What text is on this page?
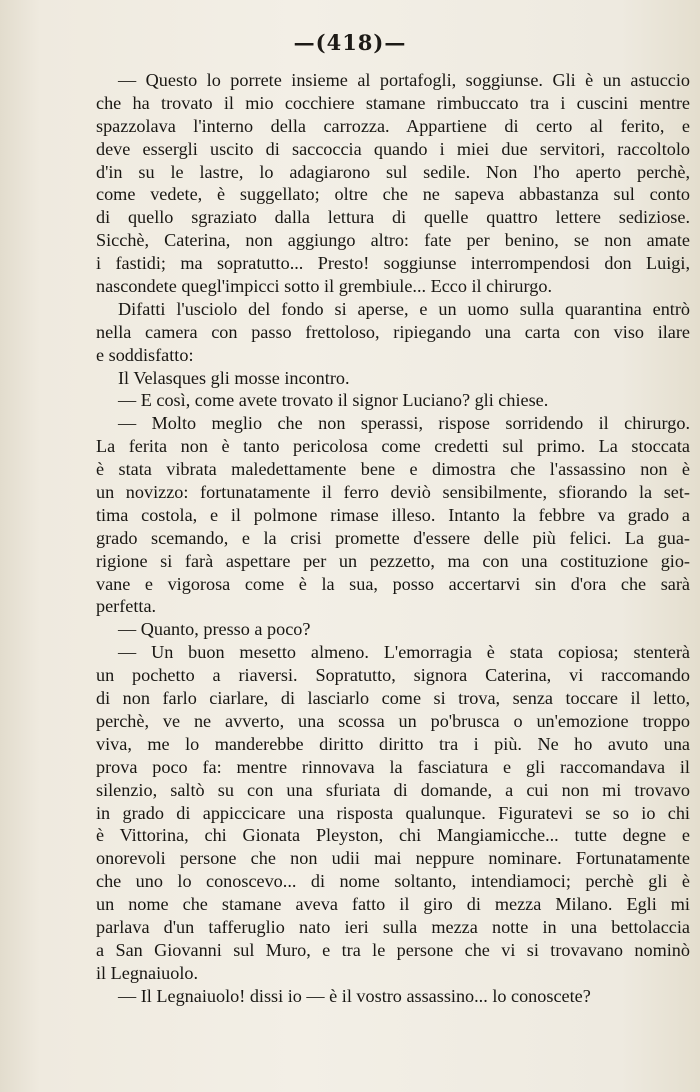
—(418)—
— Questo lo porrete insieme al portafogli, soggiunse. Gli è un astuccio
che ha trovato il mio cocchiere stamane rimbuccato tra i cuscini mentre
spazzolava l'interno della carrozza. Appartiene di certo al ferito, e
deve essergli uscito di saccoccia quando i miei due servitori, raccoltolo
d'in su le lastre, lo adagiarono sul sedile. Non l'ho aperto perchè,
come vedete, è suggellato; oltre che ne sapeva abbastanza sul conto
di quello sgraziato dalla lettura di quelle quattro lettere sediziose.
Sicchè, Caterina, non aggiungo altro: fate per benino, se non amate
i fastidi; ma sopratutto... Presto! soggiunse interrompendosi don Luigi,
nascondete quegl'impicci sotto il grembiule... Ecco il chirurgo.
Difatti l'usciolo del fondo si aperse, e un uomo sulla quarantina entrò
nella camera con passo frettoloso, ripiegando una carta con viso ilare
e soddisfatto:
Il Velasques gli mosse incontro.
— E così, come avete trovato il signor Luciano? gli chiese.
— Molto meglio che non sperassi, rispose sorridendo il chirurgo.
La ferita non è tanto pericolosa come credetti sul primo. La stoccata
è stata vibrata maledettamente bene e dimostra che l'assassino non è
un novizzo: fortunatamente il ferro deviò sensibilmente, sfiorando la set-
tima costola, e il polmone rimase illeso. Intanto la febbre va grado a
grado scemando, e la crisi promette d'essere delle più felici. La gua-
rigione si farà aspettare per un pezzetto, ma con una costituzione gio-
vane e vigorosa come è la sua, posso accertarvi sin d'ora che sarà
perfetta.
— Quanto, presso a poco?
— Un buon mesetto almeno. L'emorragia è stata copiosa; stenterà
un pochetto a riaversi. Sopratutto, signora Caterina, vi raccomando
di non farlo ciarlare, di lasciarlo come si trova, senza toccare il letto,
perchè, ve ne avverto, una scossa un po'brusca o un'emozione troppo
viva, me lo manderebbe diritto diritto tra i più. Ne ho avuto una
prova poco fa: mentre rinnovava la fasciatura e gli raccomandava il
silenzio, saltò su con una sfuriata di domande, a cui non mi trovavo
in grado di appiccicare una risposta qualunque. Figuratevi se so io chi
è Vittorina, chi Gionata Pleyston, chi Mangiamicche... tutte degne e
onorevoli persone che non udii mai neppure nominare. Fortunatamente
che uno lo conoscevo... di nome soltanto, intendiamoci; perchè gli è
un nome che stamane aveva fatto il giro di mezza Milano. Egli mi
parlava d'un tafferuglio nato ieri sulla mezza notte in una bettolaccia
a San Giovanni sul Muro, e tra le persone che vi si trovavano nominò
il Legnaiuolo.
— Il Legnaiuolo! dissi io — è il vostro assassino... lo conoscete?
